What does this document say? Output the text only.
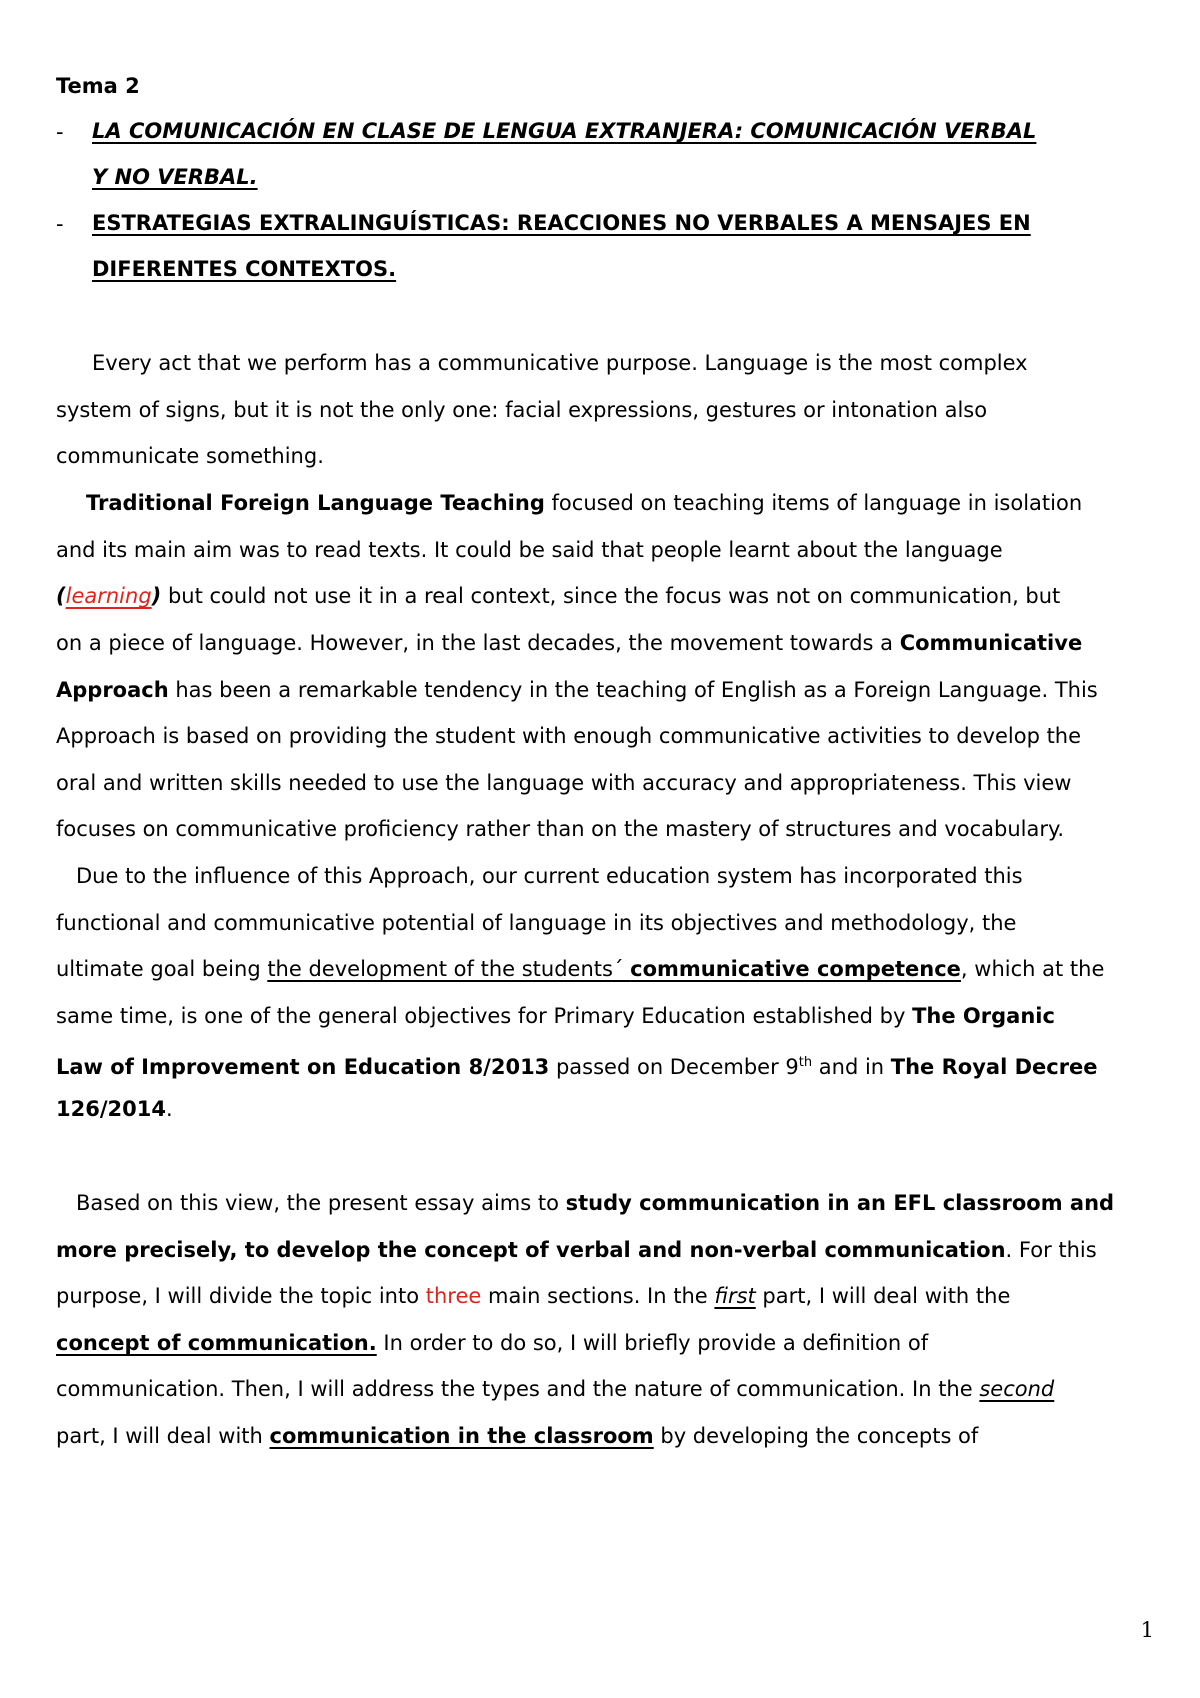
Tema 2
- LA COMUNICACIÓN EN CLASE DE LENGUA EXTRANJERA: COMUNICACIÓN VERBAL
Y NO VERBAL.
- ESTRATEGIAS EXTRALINGUÍSTICAS: REACCIONES NO VERBALES A MENSAJES EN
DIFERENTES CONTEXTOS.
Every act that we perform has a communicative purpose. Language is the most complex
system of signs, but it is not the only one: facial expressions, gestures or intonation also
communicate something.
Traditional Foreign Language Teaching focused on teaching items of language in isolation
and its main aim was to read texts. It could be said that people learnt about the language
(learning) but could not use it in a real context, since the focus was not on communication, but
on a piece of language. However, in the last decades, the movement towards a Communicative
Approach has been a remarkable tendency in the teaching of English as a Foreign Language. This
Approach is based on providing the student with enough communicative activities to develop the
oral and written skills needed to use the language with accuracy and appropriateness. This view
focuses on communicative proficiency rather than on the mastery of structures and vocabulary.
Due to the influence of this Approach, our current education system has incorporated this
functional and communicative potential of language in its objectives and methodology, the
ultimate goal being the development of the students´ communicative competence, which at the
same time, is one of the general objectives for Primary Education established by The Organic
Law of Improvement on Education 8/2013 passed on December 9th and in The Royal Decree
126/2014.
Based on this view, the present essay aims to study communication in an EFL classroom and
more precisely, to develop the concept of verbal and non-verbal communication. For this
purpose, I will divide the topic into three main sections. In the first part, I will deal with the
concept of communication. In order to do so, I will briefly provide a definition of
communication. Then, I will address the types and the nature of communication. In the second
part, I will deal with communication in the classroom by developing the concepts of
1
